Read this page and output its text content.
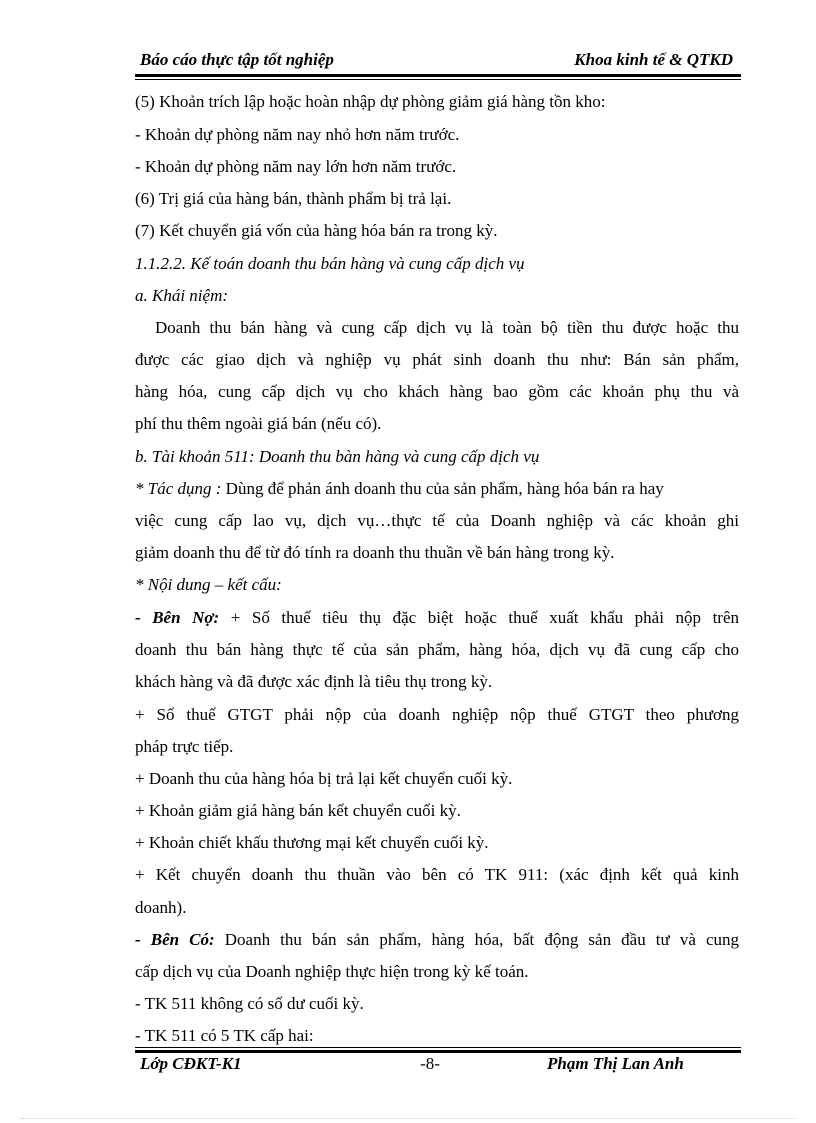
Báo cáo thực tập tốt nghiệp	Khoa kinh tế & QTKD
(5) Khoản trích lập hoặc hoàn nhập dự phòng giảm giá hàng tồn kho:
- Khoản dự phòng năm nay nhỏ hơn năm trước.
- Khoản dự phòng năm nay lớn hơn năm trước.
(6) Trị giá của hàng bán, thành phẩm bị trả lại.
(7) Kết chuyển giá vốn của hàng hóa bán ra trong kỳ.
1.1.2.2. Kế toán doanh thu bán hàng và cung cấp dịch vụ
a. Khái niệm:
Doanh thu bán hàng và cung cấp dịch vụ là toàn bộ tiền thu được hoặc thu
được các giao dịch và nghiệp vụ phát sinh doanh thu như: Bán sản phẩm,
hàng hóa, cung cấp dịch vụ cho khách hàng bao gồm các khoản phụ thu và
phí thu thêm ngoài giá bán (nếu có).
b. Tài khoản 511: Doanh thu bàn hàng và cung cấp dịch vụ
* Tác dụng : Dùng để phản ánh doanh thu của sản phẩm, hàng hóa bán ra hay
việc cung cấp lao vụ, dịch vụ…thực tế của Doanh nghiệp và các khoản ghi
giảm doanh thu để từ đó tính ra doanh thu thuần về bán hàng trong kỳ.
* Nội dung – kết cấu:
- Bên Nợ: + Số thuế tiêu thụ đặc biệt hoặc thuế xuất khẩu phải nộp trên
doanh thu bán hàng thực tế của sản phẩm, hàng hóa, dịch vụ đã cung cấp cho
khách hàng và đã được xác định là tiêu thụ trong kỳ.
+ Số thuế GTGT phải nộp của doanh nghiệp nộp thuế GTGT theo phương
pháp trực tiếp.
+ Doanh thu của hàng hóa bị trả lại kết chuyển cuối kỳ.
+ Khoản giảm giá hàng bán kết chuyển cuối kỳ.
+ Khoản chiết khấu thương mại kết chuyển cuối kỳ.
+ Kết chuyển doanh thu thuần vào bên có TK 911: (xác định kết quả kinh
doanh).
- Bên Có: Doanh thu bán sản phẩm, hàng hóa, bất động sản đầu tư và cung
cấp dịch vụ của Doanh nghiệp thực hiện trong kỳ kế toán.
- TK 511 không có số dư cuối kỳ.
- TK 511 có 5 TK cấp hai:
Lớp CĐKT-K1	-8-	Phạm Thị Lan Anh
